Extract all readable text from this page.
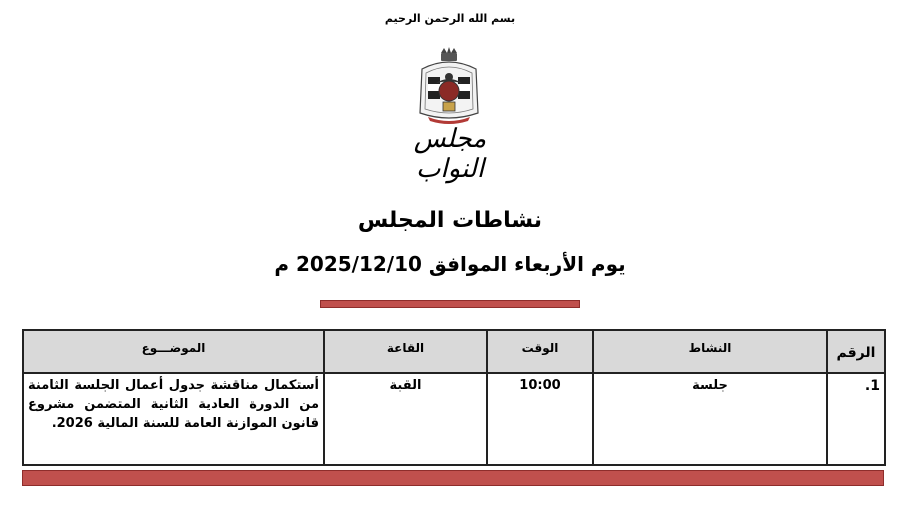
بسم الله الرحمن الرحيم
مجلس النواب
نشاطات المجلس
يوم الأربعاء الموافق 2025/12/10 م
الرقم	النشاط	الوقت	القاعة	الموضـــوع
1.	جلسة	10:00	القبة	أستكمال مناقشة جدول أعمال الجلسة الثامنة من الدورة العادية الثانية المتضمن مشروع قانون الموازنة العامة للسنة المالية 2026.
